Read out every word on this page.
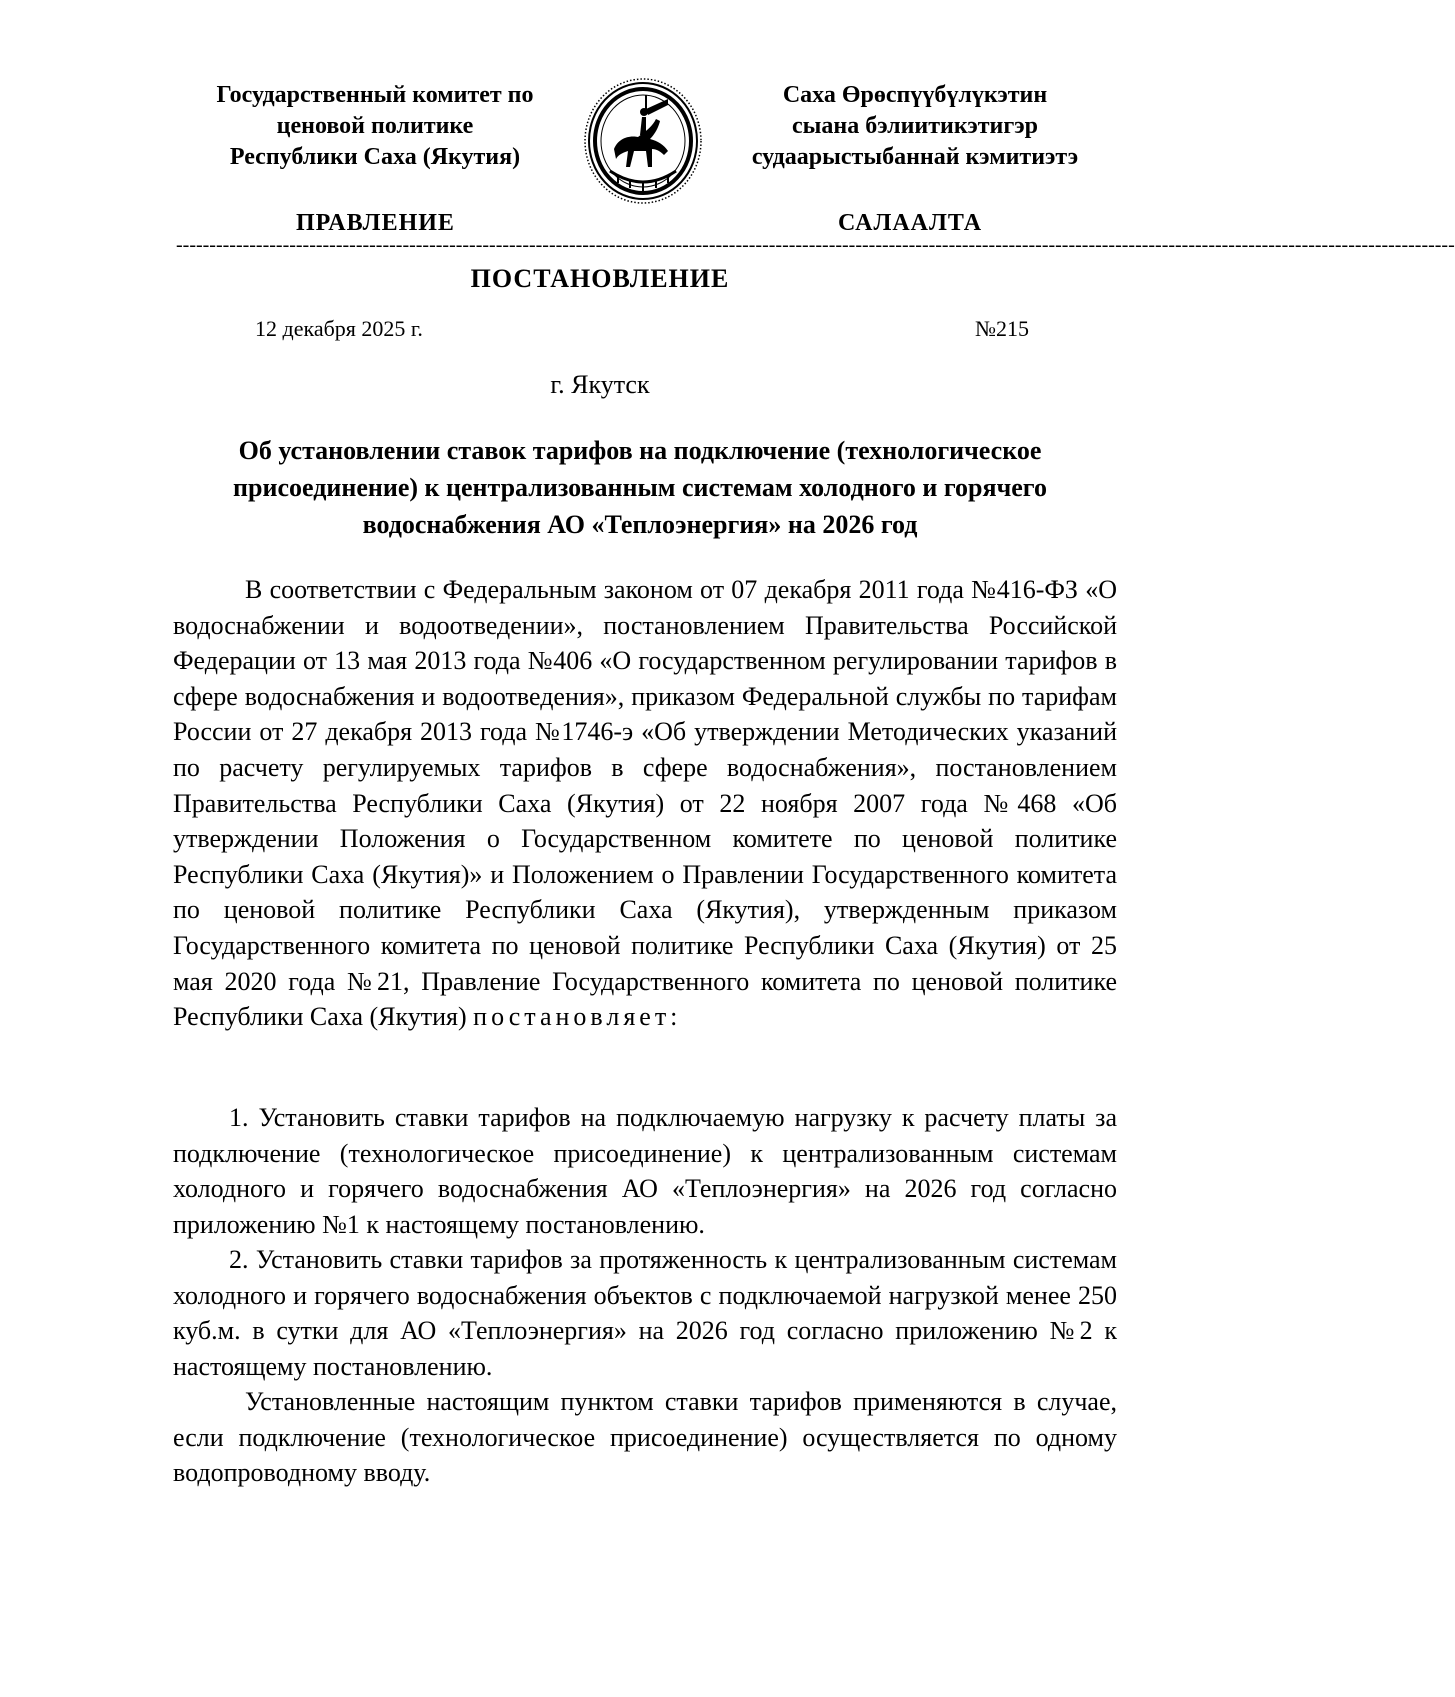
Государственный комитет по
ценовой политике
Республики Саха (Якутия)
Саха Өрөспүүбүлүкэтин
сыана бэлиитикэтигэр
судаарыстыбаннай кэмитиэтэ
ПРАВЛЕНИЕ	САЛААЛТА
------------------------------------------------------------------------------------------------------------------------------------------------------------------------------------------------
ПОСТАНОВЛЕНИЕ
12 декабря 2025 г.	№215
г. Якутск
Об установлении ставок тарифов на подключение (технологическое
присоединение) к централизованным системам холодного и горячего
водоснабжения АО «Теплоэнергия» на 2026 год

В соответствии с Федеральным законом от 07 декабря 2011 года №416-ФЗ «О водоснабжении и водоотведении», постановлением Правительства Российской Федерации от 13 мая 2013 года №406 «О государственном регулировании тарифов в сфере водоснабжения и водоотведения», приказом Федеральной службы по тарифам России от 27 декабря 2013 года №1746-э «Об утверждении Методических указаний по расчету регулируемых тарифов в сфере водоснабжения», постановлением Правительства Республики Саха (Якутия) от 22 ноября 2007 года №468 «Об утверждении Положения о Государственном комитете по ценовой политике Республики Саха (Якутия)» и Положением о Правлении Государственного комитета по ценовой политике Республики Саха (Якутия), утвержденным приказом Государственного комитета по ценовой политике Республики Саха (Якутия) от 25 мая 2020 года №21, Правление Государственного комитета по ценовой политике Республики Саха (Якутия) постановляет:

1. Установить ставки тарифов на подключаемую нагрузку к расчету платы за подключение (технологическое присоединение) к централизованным системам холодного и горячего водоснабжения АО «Теплоэнергия» на 2026 год согласно приложению №1 к настоящему постановлению.

2. Установить ставки тарифов за протяженность к централизованным системам холодного и горячего водоснабжения объектов с подключаемой нагрузкой менее 250 куб.м. в сутки для АО «Теплоэнергия» на 2026 год согласно приложению №2 к настоящему постановлению.

Установленные настоящим пунктом ставки тарифов применяются в случае, если подключение (технологическое присоединение) осуществляется по одному водопроводному вводу.
